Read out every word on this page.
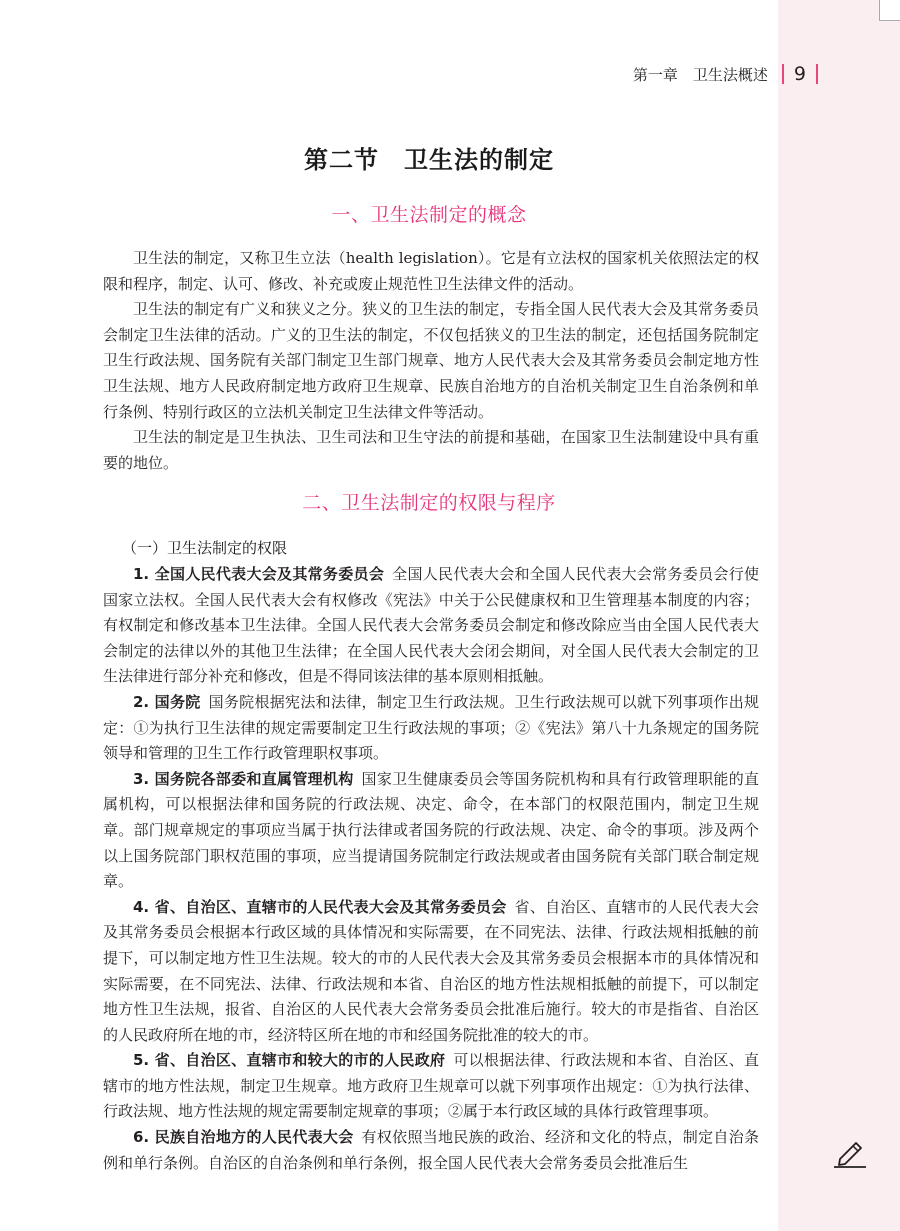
第一章　卫生法概述 9
第二节　卫生法的制定
一、卫生法制定的概念

卫生法的制定，又称卫生立法（health legislation）。它是有立法权的国家机关依照法定的权限和程序，制定、认可、修改、补充或废止规范性卫生法律文件的活动。

卫生法的制定有广义和狭义之分。狭义的卫生法的制定，专指全国人民代表大会及其常务委员会制定卫生法律的活动。广义的卫生法的制定，不仅包括狭义的卫生法的制定，还包括国务院制定卫生行政法规、国务院有关部门制定卫生部门规章、地方人民代表大会及其常务委员会制定地方性卫生法规、地方人民政府制定地方政府卫生规章、民族自治地方的自治机关制定卫生自治条例和单行条例、特别行政区的立法机关制定卫生法律文件等活动。

卫生法的制定是卫生执法、卫生司法和卫生守法的前提和基础，在国家卫生法制建设中具有重要的地位。

二、卫生法制定的权限与程序
（一）卫生法制定的权限

1. 全国人民代表大会及其常务委员会 全国人民代表大会和全国人民代表大会常务委员会行使国家立法权。全国人民代表大会有权修改《宪法》中关于公民健康权和卫生管理基本制度的内容；有权制定和修改基本卫生法律。全国人民代表大会常务委员会制定和修改除应当由全国人民代表大会制定的法律以外的其他卫生法律；在全国人民代表大会闭会期间，对全国人民代表大会制定的卫生法律进行部分补充和修改，但是不得同该法律的基本原则相抵触。

2. 国务院 国务院根据宪法和法律，制定卫生行政法规。卫生行政法规可以就下列事项作出规定：①为执行卫生法律的规定需要制定卫生行政法规的事项；②《宪法》第八十九条规定的国务院领导和管理的卫生工作行政管理职权事项。

3. 国务院各部委和直属管理机构 国家卫生健康委员会等国务院机构和具有行政管理职能的直属机构，可以根据法律和国务院的行政法规、决定、命令，在本部门的权限范围内，制定卫生规章。部门规章规定的事项应当属于执行法律或者国务院的行政法规、决定、命令的事项。涉及两个以上国务院部门职权范围的事项，应当提请国务院制定行政法规或者由国务院有关部门联合制定规章。

4. 省、自治区、直辖市的人民代表大会及其常务委员会 省、自治区、直辖市的人民代表大会及其常务委员会根据本行政区域的具体情况和实际需要，在不同宪法、法律、行政法规相抵触的前提下，可以制定地方性卫生法规。较大的市的人民代表大会及其常务委员会根据本市的具体情况和实际需要，在不同宪法、法律、行政法规和本省、自治区的地方性法规相抵触的前提下，可以制定地方性卫生法规，报省、自治区的人民代表大会常务委员会批准后施行。较大的市是指省、自治区的人民政府所在地的市，经济特区所在地的市和经国务院批准的较大的市。

5. 省、自治区、直辖市和较大的市的人民政府 可以根据法律、行政法规和本省、自治区、直辖市的地方性法规，制定卫生规章。地方政府卫生规章可以就下列事项作出规定：①为执行法律、行政法规、地方性法规的规定需要制定规章的事项；②属于本行政区域的具体行政管理事项。

6. 民族自治地方的人民代表大会 有权依照当地民族的政治、经济和文化的特点，制定自治条例和单行条例。自治区的自治条例和单行条例，报全国人民代表大会常务委员会批准后生
